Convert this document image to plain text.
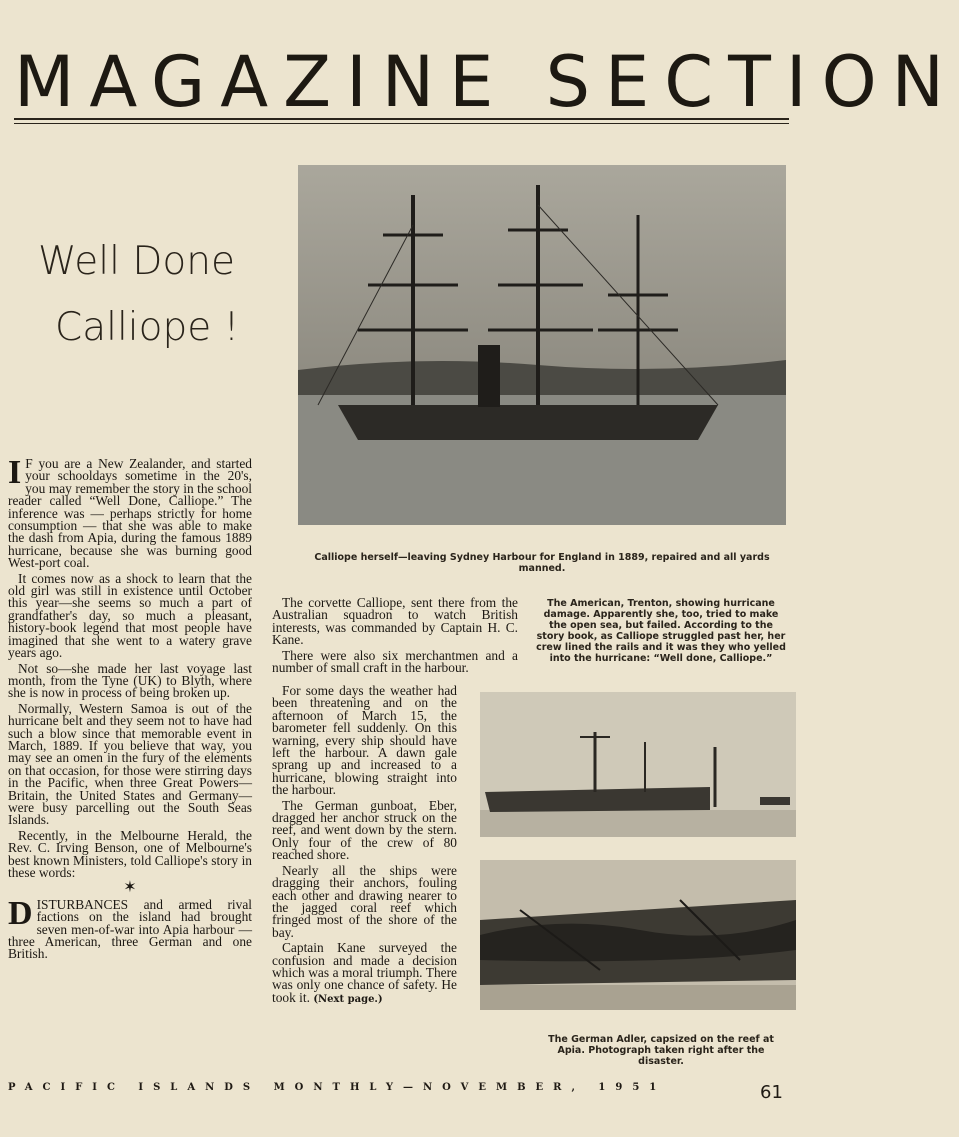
MAGAZINE SECTION
Well Done
Calliope !
Calliope herself—leaving Sydney Harbour for England in 1889, repaired and all yards manned.
The American, Trenton, showing hurricane damage. Apparently she, too, tried to make the open sea, but failed. According to the story book, as Calliope struggled past her, her crew lined the rails and it was they who yelled into the hurricane: “Well done, Calliope.”
The German Adler, capsized on the reef at Apia. Photograph taken right after the disaster.

I F you are a New Zealander, and started your schooldays sometime in the 20's, you may remember the story in the school reader called “Well Done, Calliope.” The inference was — perhaps strictly for home consumption — that she was able to make the dash from Apia, during the famous 1889 hurricane, because she was burning good West-port coal.

It comes now as a shock to learn that the old girl was still in existence until October this year—she seems so much a part of grandfather's day, so much a pleasant, history-book legend that most people have imagined that she went to a watery grave years ago.

Not so—she made her last voyage last month, from the Tyne (UK) to Blyth, where she is now in process of being broken up.

Normally, Western Samoa is out of the hurricane belt and they seem not to have had such a blow since that memorable event in March, 1889. If you believe that way, you may see an omen in the fury of the elements on that occasion, for those were stirring days in the Pacific, when three Great Powers—Britain, the United States and Germany—were busy parcelling out the South Seas Islands.

Recently, in the Melbourne Herald, the Rev. C. Irving Benson, one of Melbourne's best known Ministers, told Calliope's story in these words:

✶

DISTURBANCES and armed rival factions on the island had brought seven men-of-war into Apia harbour — three American, three German and one British.

The corvette Calliope, sent there from the Australian squadron to watch British interests, was commanded by Captain H. C. Kane.

There were also six merchantmen and a number of small craft in the harbour.

For some days the weather had been threatening and on the afternoon of March 15, the barometer fell suddenly. On this warning, every ship should have left the harbour. A dawn gale sprang up and increased to a hurricane, blowing straight into the harbour.

The German gunboat, Eber, dragged her anchor struck on the reef, and went down by the stern. Only four of the crew of 80 reached shore.

Nearly all the ships were dragging their anchors, fouling each other and drawing nearer to the jagged coral reef which fringed most of the shore of the bay.

Captain Kane surveyed the confusion and made a decision which was a moral triumph. There was only one chance of safety. He took it. (Next page.)

PACIFIC ISLANDS MONTHLY—NOVEMBER, 1951	61
